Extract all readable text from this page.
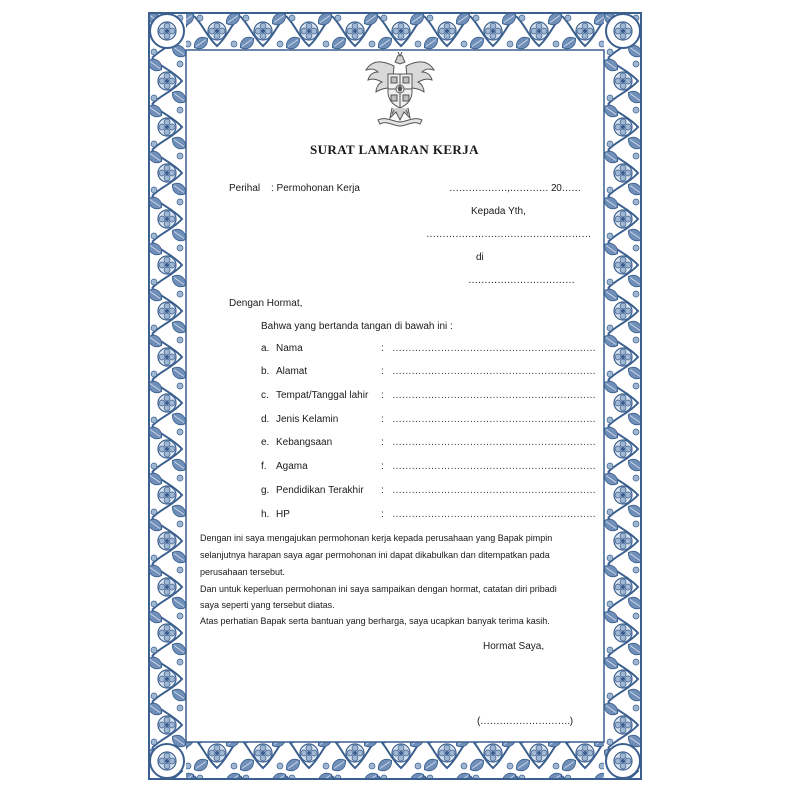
SURAT LAMARAN KERJA
Perihal : Permohonan Kerja	………………,………… 20……
Kepada Yth,
……………………………………………
di
……………………………
Dengan Hormat,
Bahwa yang bertanda tangan di bawah ini :
a. Nama	: ………………………………………………………
b. Alamat	: ………………………………………………………
c. Tempat/Tanggal lahir : ………………………………………………………
d. Jenis Kelamin	: ………………………………………………………
e. Kebangsaan	: ………………………………………………………
f. Agama	: ………………………………………………………
g. Pendidikan Terakhir : ………………………………………………………
h. HP	: ………………………………………………………
Dengan ini saya mengajukan permohonan kerja kepada perusahaan yang Bapak pimpin
selanjutnya harapan saya agar permohonan ini dapat dikabulkan dan ditempatkan pada
perusahaan tersebut.
Dan untuk keperluan permohonan ini saya sampaikan dengan hormat, catatan diri pribadi
saya seperti yang tersebut diatas.
Atas perhatian Bapak serta bantuan yang berharga, saya ucapkan banyak terima kasih.
Hormat Saya,
(……………………….)
